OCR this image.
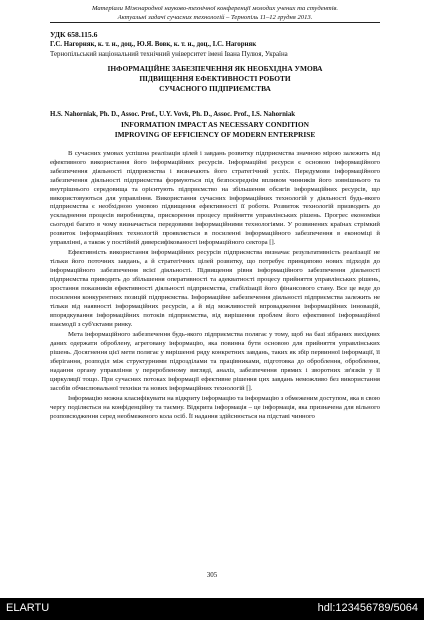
Матеріали Міжнародної науково-технічної конференції молодих учених та студентів.
Актуальні задачі сучасних технологій – Тернопіль 11–12 грудня 2013.
УДК 658.115.6
Г.С. Нагорняк, к. т. н., доц., Ю.Я. Вовк, к. т. н., доц., І.С. Нагорняк
Тернопільський національний технічний університет імені Івана Пулюя, Україна
ІНФОРМАЦІЙНЕ ЗАБЕЗПЕЧЕННЯ ЯК НЕОБХІДНА УМОВА
ПІДВИЩЕННЯ ЕФЕКТИВНОСТІ РОБОТИ
СУЧАСНОГО ПІДПРИЄМСТВА
H.S. Nahorniak, Ph. D., Assoc. Prof., U.Y. Vovk, Ph. D., Assoc. Prof., I.S. Nahorniak
INFORMATION IMPACT AS NECESSARY CONDITION
IMPROVING OF EFFICIENCY OF MODERN ENTERPRISE

В сучасних умовах успішна реалізація цілей і завдань розвитку підприємства значною мірою залежить від ефективного використання його інформаційних ресурсів. Інформаційні ресурси є основою інформаційного забезпечення діяльності підприємства і визначають його стратегічний успіх. Передумови інформаційного забезпечення діяльності підприємства формуються під безпосереднім впливом чинників його зовнішнього та внутрішнього середовища та орієнтують підприємство на збільшення обсягів інформаційних ресурсів, що використовуються для управління. Використання сучасних інформаційних технологій у діяльності будь-якого підприємства є необхідною умовою підвищення ефективності її роботи. Розвиток технологій призводить до ускладнення процесів виробництва, прискорення процесу прийняття управлінських рішень. Прогрес економіки сьогодні багато в чому визначається передовими інформаційними технологіями. У розвинених країнах стрімкий розвиток інформаційних технологій проявляється в посиленні інформаційного забезпечення в економіці й управлінні, а також у постійній диверсифікованості інформаційного сектора [].

Ефективність використання інформаційних ресурсів підприємства визначає результативність реалізації не тільки його поточних завдань, а й стратегічних цілей розвитку, що потребує принципово нових підходів до інформаційного забезпечення всієї діяльності. Підвищення рівня інформаційного забезпечення діяльності підприємства приводить до збільшення оперативності та адекватності процесу прийняття управлінських рішень, зростання показників ефективності діяльності підприємства, стабілізації його фінансового стану. Все це веде до посилення конкурентних позицій підприємства. Інформаційне забезпечення діяльності підприємства залежить не тільки від наявності інформаційних ресурсів, а й від можливостей впровадження інформаційних інновацій, впорядкування інформаційних потоків підприємства, від вирішення проблем його ефективної інформаційної взаємодії з суб'єктами ринку.

Мета інформаційного забезпечення будь-якого підприємства полягає у тому, щоб на базі зібраних вихідних даних одержати оброблену, агреговану інформацію, яка повинна бути основою для прийняття управлінських рішень. Досягнення цієї мети полягає у вирішенні ряду конкретних завдань, таких як збір первинної інформації, її зберігання, розподіл між структурними підрозділами та працівниками, підготовка до оброблення, оброблення, надання органу управління у переробленому вигляді, аналіз, забезпечення прямих і зворотних зв'язків у її циркуляції тощо. При сучасних потоках інформації ефективне рішення цих завдань неможливо без використання засобів обчислювальної техніки та нових інформаційних технологій [].

Інформацію можна класифікувати на відкриту інформацію та інформацію з обмеженим доступом, яка в свою чергу поділяється на конфіденційну та таємну. Відкрита інформація – це інформація, яка призначена для вільного розповсюдження серед необмеженого кола осіб. Її надання здійснюється на підставі чинного

305
ELARTU	hdl:123456789/5064
